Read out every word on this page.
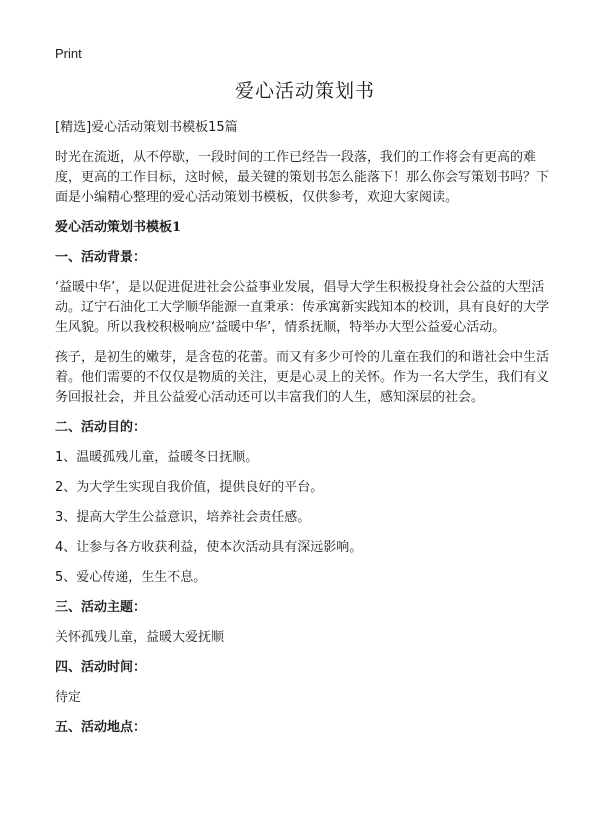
Print
爱心活动策划书
[精选]爱心活动策划书模板15篇
时光在流逝，从不停歇，一段时间的工作已经告一段落，我们的工作将会有更高的难度，更高的工作目标，这时候，最关键的策划书怎么能落下！那么你会写策划书吗？下面是小编精心整理的爱心活动策划书模板，仅供参考，欢迎大家阅读。
爱心活动策划书模板1
一、活动背景：
‘益暖中华’，是以促进促进社会公益事业发展，倡导大学生积极投身社会公益的大型活动。辽宁石油化工大学顺华能源一直秉承：传承寓新实践知本的校训，具有良好的大学生风貌。所以我校积极响应‘益暖中华’，情系抚顺，特举办大型公益爱心活动。
孩子，是初生的嫩芽，是含苞的花蕾。而又有多少可怜的儿童在我们的和谐社会中生活着。他们需要的不仅仅是物质的关注，更是心灵上的关怀。作为一名大学生，我们有义务回报社会，并且公益爱心活动还可以丰富我们的人生，感知深层的社会。
二、活动目的：
1、温暖孤残儿童，益暖冬日抚顺。
2、为大学生实现自我价值，提供良好的平台。
3、提高大学生公益意识，培养社会责任感。
4、让参与各方收获利益，使本次活动具有深远影响。
5、爱心传递，生生不息。
三、活动主题：
关怀孤残儿童，益暖大爱抚顺
四、活动时间：
待定
五、活动地点：
